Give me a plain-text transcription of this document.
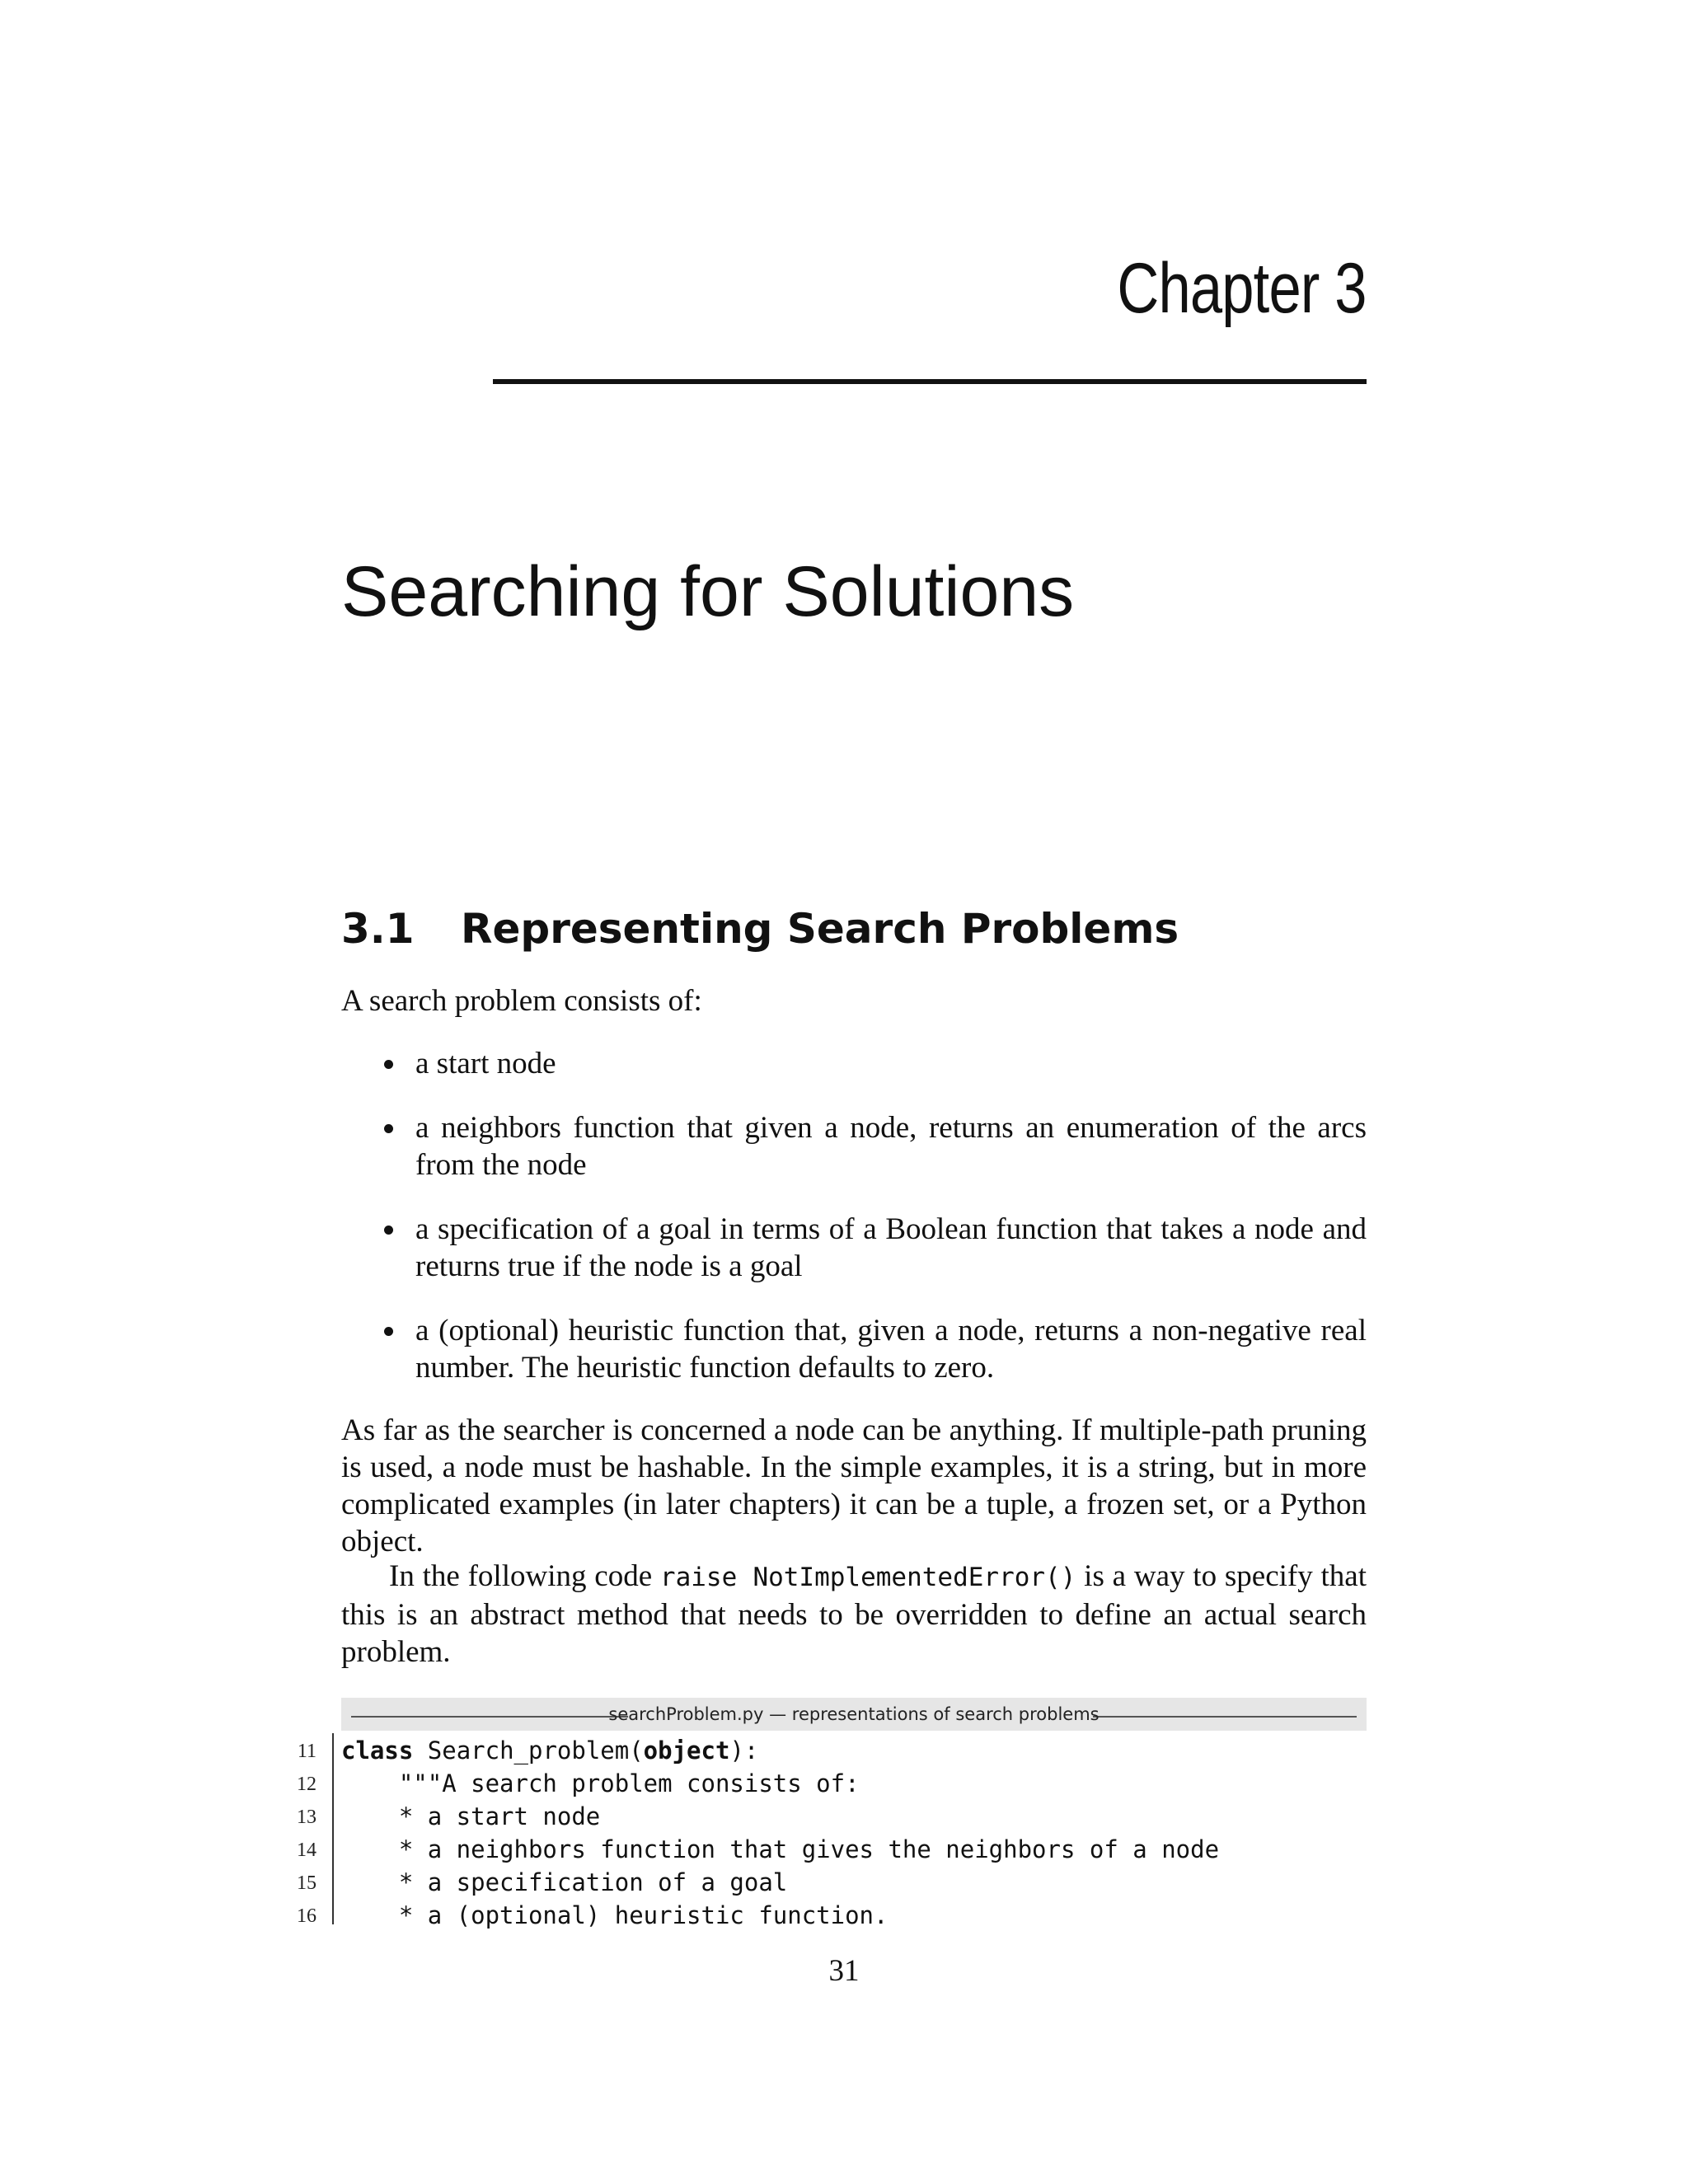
Chapter 3
Searching for Solutions
3.1 Representing Search Problems
A search problem consists of:
a start node
a neighbors function that given a node, returns an enumeration of the arcs from the node
a specification of a goal in terms of a Boolean function that takes a node and returns true if the node is a goal
a (optional) heuristic function that, given a node, returns a non-negative real number. The heuristic function defaults to zero.

As far as the searcher is concerned a node can be anything. If multiple-path pruning is used, a node must be hashable. In the simple examples, it is a string, but in more complicated examples (in later chapters) it can be a tuple, a frozen set, or a Python object.

In the following code raise NotImplementedError() is a way to specify that this is an abstract method that needs to be overridden to define an actual search problem.

searchProblem.py — representations of search problems
11 class Search_problem(object):
12 """A search problem consists of:
13 * a start node
14 * a neighbors function that gives the neighbors of a node
15 * a specification of a goal
16 * a (optional) heuristic function.
31
